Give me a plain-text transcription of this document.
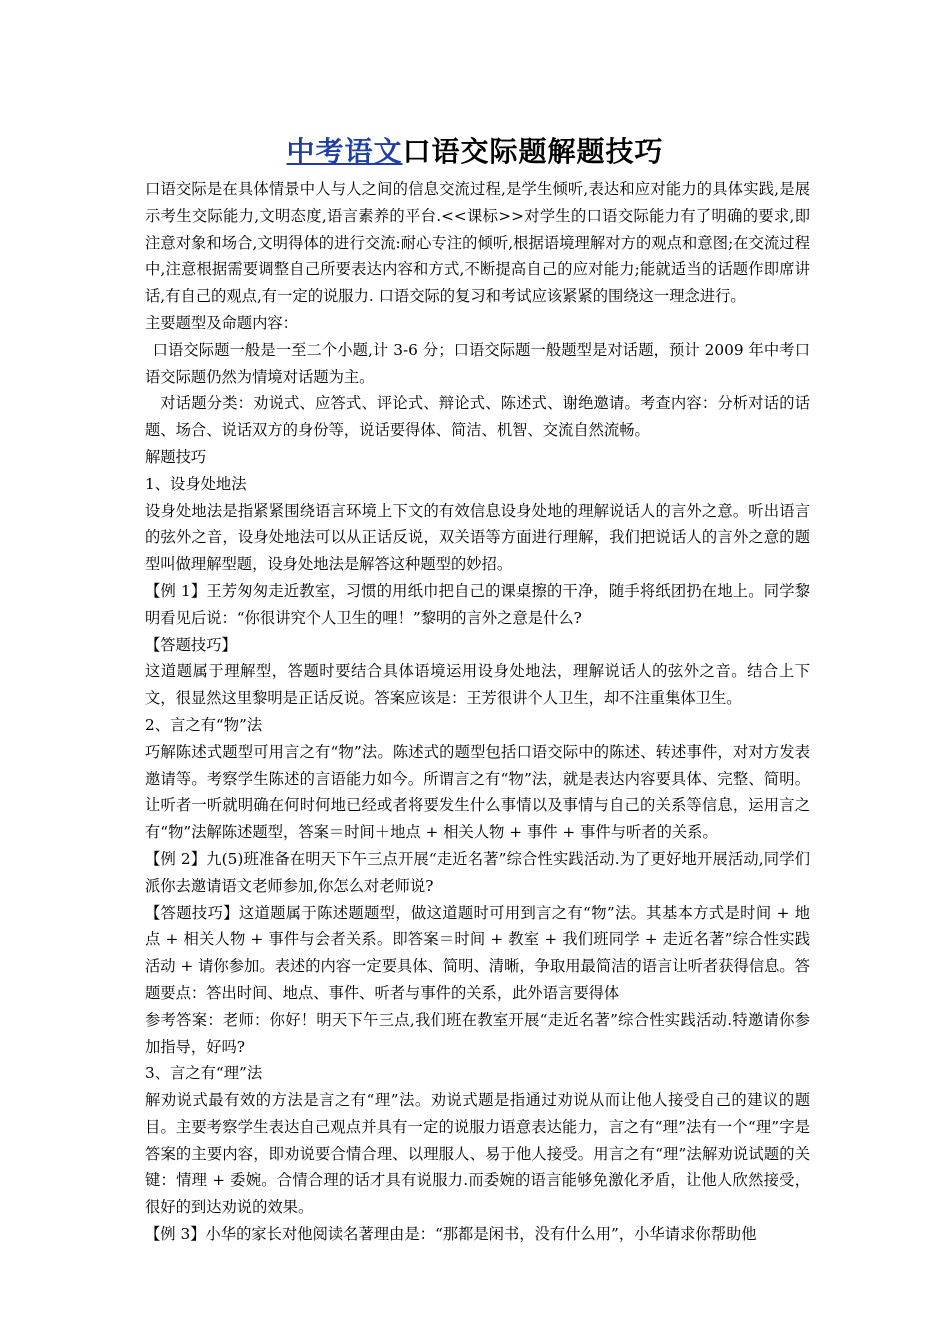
中考语文口语交际题解题技巧

口语交际是在具体情景中人与人之间的信息交流过程,是学生倾听,表达和应对能力的具体实践,是展示考生交际能力,文明态度,语言素养的平台.<<课标>>对学生的口语交际能力有了明确的要求,即注意对象和场合,文明得体的进行交流:耐心专注的倾听,根据语境理解对方的观点和意图;在交流过程中,注意根据需要调整自己所要表达内容和方式,不断提高自己的应对能力;能就适当的话题作即席讲话,有自己的观点,有一定的说服力. 口语交际的复习和考试应该紧紧的围绕这一理念进行。

主要题型及命题内容：

口语交际题一般是一至二个小题,计 3-6 分；口语交际题一般题型是对话题，预计 2009 年中考口语交际题仍然为情境对话题为主。

对话题分类：劝说式、应答式、评论式、辩论式、陈述式、谢绝邀请。考查内容：分析对话的话题、场合、说话双方的身份等，说话要得体、简洁、机智、交流自然流畅。

解题技巧

1、设身处地法

设身处地法是指紧紧围绕语言环境上下文的有效信息设身处地的理解说话人的言外之意。听出语言的弦外之音，设身处地法可以从正话反说，双关语等方面进行理解，我们把说话人的言外之意的题型叫做理解型题，设身处地法是解答这种题型的妙招。

【例 1】王芳匆匆走近教室，习惯的用纸巾把自己的课桌擦的干净，随手将纸团扔在地上。同学黎明看见后说：“你很讲究个人卫生的哩！”黎明的言外之意是什么?

【答题技巧】

这道题属于理解型，答题时要结合具体语境运用设身处地法，理解说话人的弦外之音。结合上下文，很显然这里黎明是正话反说。答案应该是：王芳很讲个人卫生，却不注重集体卫生。

2、言之有“物”法

巧解陈述式题型可用言之有“物”法。陈述式的题型包括口语交际中的陈述、转述事件，对对方发表邀请等。考察学生陈述的言语能力如今。所谓言之有“物”法，就是表达内容要具体、完整、简明。让听者一听就明确在何时何地已经或者将要发生什么事情以及事情与自己的关系等信息，运用言之有“物”法解陈述题型，答案＝时间＋地点 + 相关人物 + 事件 + 事件与听者的关系。

【例 2】九(5)班准备在明天下午三点开展“走近名著”综合性实践活动.为了更好地开展活动,同学们派你去邀请语文老师参加,你怎么对老师说?

【答题技巧】这道题属于陈述题题型，做这道题时可用到言之有“物”法。其基本方式是时间 + 地点 + 相关人物 + 事件与会者关系。即答案＝时间 + 教室 + 我们班同学 + 走近名著”综合性实践活动 + 请你参加。表述的内容一定要具体、简明、清晰，争取用最简洁的语言让听者获得信息。答题要点：答出时间、地点、事件、听者与事件的关系，此外语言要得体

参考答案：老师：你好！明天下午三点,我们班在教室开展“走近名著”综合性实践活动.特邀请你参加指导，好吗?

3、言之有“理”法

解劝说式最有效的方法是言之有“理”法。劝说式题是指通过劝说从而让他人接受自己的建议的题目。主要考察学生表达自己观点并具有一定的说服力语意表达能力，言之有“理”法有一个“理”字是答案的主要内容，即劝说要合情合理、以理服人、易于他人接受。用言之有“理”法解劝说试题的关键：情理 + 委婉。合情合理的话才具有说服力.而委婉的语言能够免激化矛盾，让他人欣然接受，很好的到达劝说的效果。

【例 3】小华的家长对他阅读名著理由是：“那都是闲书，没有什么用”，小华请求你帮助他
